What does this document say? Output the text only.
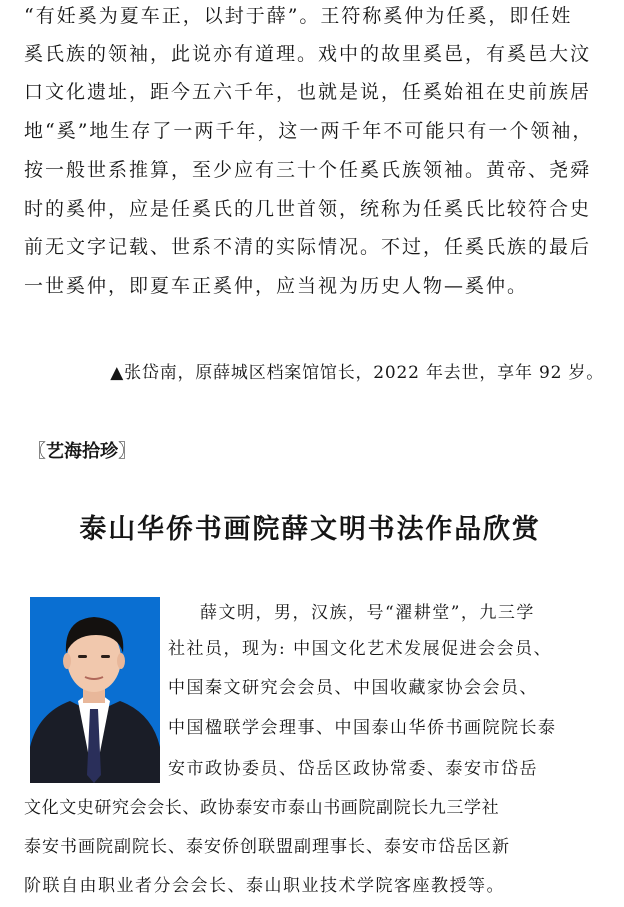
“有妊奚为夏车正，以封于薛”。王符称奚仲为任奚，即任姓

奚氏族的领袖，此说亦有道理。戏中的故里奚邑，有奚邑大汶

口文化遗址，距今五六千年，也就是说，任奚始祖在史前族居

地“奚”地生存了一两千年，这一两千年不可能只有一个领袖，

按一般世系推算，至少应有三十个任奚氏族领袖。黄帝、尧舜

时的奚仲，应是任奚氏的几世首领，统称为任奚氏比较符合史

前无文字记载、世系不清的实际情况。不过，任奚氏族的最后

一世奚仲，即夏车正奚仲，应当视为历史人物—奚仲。

▲张岱南，原薛城区档案馆馆长，2022 年去世，享年 92 岁。

〖艺海拾珍〗

泰山华侨书画院薛文明书法作品欣赏

薛文明，男，汉族，号“濯耕堂”，九三学

社社员，现为: 中国文化艺术发展促进会会员、

中国秦文研究会会员、中国收藏家协会会员、

中国楹联学会理事、中国泰山华侨书画院院长泰

安市政协委员、岱岳区政协常委、泰安市岱岳

文化文史研究会会长、政协泰安市泰山书画院副院长九三学社

泰安书画院副院长、泰安侨创联盟副理事长、泰安市岱岳区新

阶联自由职业者分会会长、泰山职业技术学院客座教授等。
